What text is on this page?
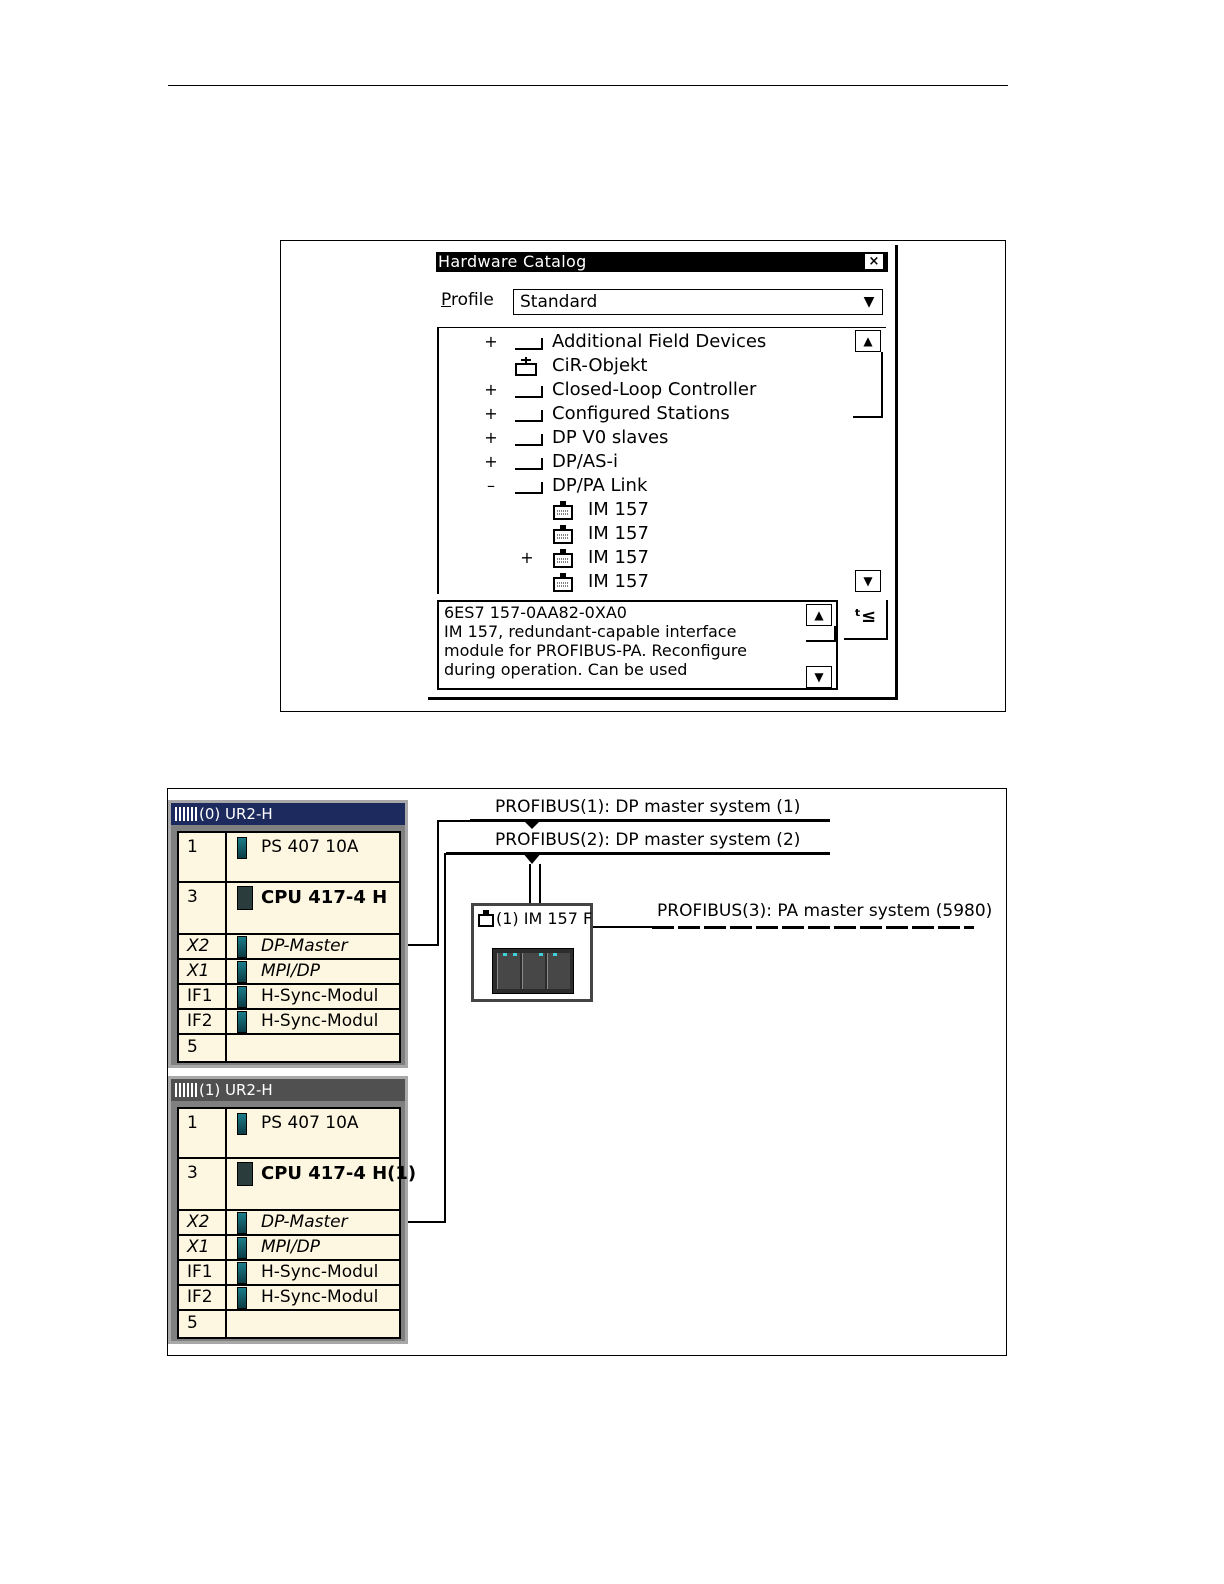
Hardware Catalog	×
Profile	Standard	▼
+	Additional Field Devices
CiR-Objekt
+	Closed-Loop Controller
+	Configured Stations
+	DP V0 slaves
+	DP/AS-i
–	DP/PA Link
IM 157
IM 157
+	IM 157
IM 157
▲
▼
6ES7 157-0AA82-0XA0
IM 157, redundant-capable interface
module for PROFIBUS-PA. Reconfigure
during operation. Can be used
▲
▼
ᵗ≤
PROFIBUS(1): DP master system (1)
PROFIBUS(2): DP master system (2)
PROFIBUS(3): PA master system (5980)
(1) IM 157 F
(0) UR2-H
1	PS 407 10A
3	CPU 417-4 H
X2	DP-Master
X1	MPI/DP
IF1	H-Sync-Modul
IF2	H-Sync-Modul
5
(1) UR2-H
1	PS 407 10A
3	CPU 417-4 H(1)
X2	DP-Master
X1	MPI/DP
IF1	H-Sync-Modul
IF2	H-Sync-Modul
5
